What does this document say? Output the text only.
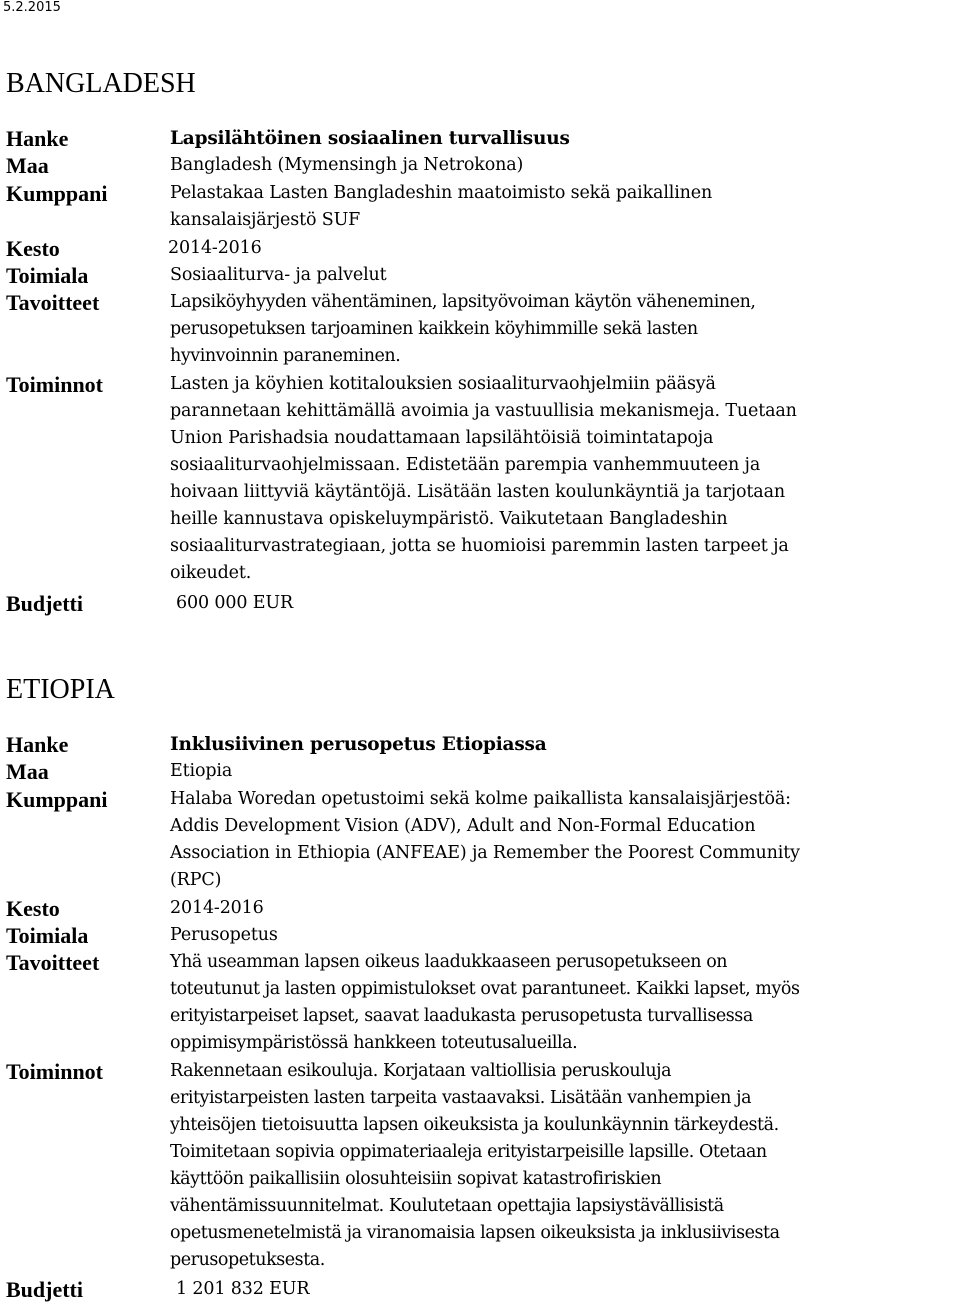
5.2.2015
BANGLADESH
Hanke	Lapsilähtöinen sosiaalinen turvallisuus
Maa	Bangladesh (Mymensingh ja Netrokona)
Kumppani	Pelastakaa Lasten Bangladeshin maatoimisto sekä paikallinen
kansalaisjärjestö SUF
Kesto	2014-2016
Toimiala	Sosiaaliturva- ja palvelut
Tavoitteet	Lapsiköyhyyden vähentäminen, lapsityövoiman käytön väheneminen,
perusopetuksen tarjoaminen kaikkein köyhimmille sekä lasten
hyvinvoinnin paraneminen.
Toiminnot	Lasten ja köyhien kotitalouksien sosiaaliturvaohjelmiin pääsyä
parannetaan kehittämällä avoimia ja vastuullisia mekanismeja. Tuetaan
Union Parishadsia noudattamaan lapsilähtöisiä toimintatapoja
sosiaaliturvaohjelmissaan. Edistetään parempia vanhemmuuteen ja
hoivaan liittyviä käytäntöjä. Lisätään lasten koulunkäyntiä ja tarjotaan
heille kannustava opiskeluympäristö. Vaikutetaan Bangladeshin
sosiaaliturvastrategiaan, jotta se huomioisi paremmin lasten tarpeet ja
oikeudet.
Budjetti	600 000 EUR
ETIOPIA
Hanke	Inklusiivinen perusopetus Etiopiassa
Maa	Etiopia
Kumppani	Halaba Woredan opetustoimi sekä kolme paikallista kansalaisjärjestöä:
Addis Development Vision (ADV), Adult and Non-Formal Education
Association in Ethiopia (ANFEAE) ja Remember the Poorest Community
(RPC)
Kesto	2014-2016
Toimiala	Perusopetus
Tavoitteet	Yhä useamman lapsen oikeus laadukkaaseen perusopetukseen on
toteutunut ja lasten oppimistulokset ovat parantuneet. Kaikki lapset, myös
erityistarpeiset lapset, saavat laadukasta perusopetusta turvallisessa
oppimisympäristössä hankkeen toteutusalueilla.
Toiminnot	Rakennetaan esikouluja. Korjataan valtiollisia peruskouluja
erityistarpeisten lasten tarpeita vastaavaksi. Lisätään vanhempien ja
yhteisöjen tietoisuutta lapsen oikeuksista ja koulunkäynnin tärkeydestä.
Toimitetaan sopivia oppimateriaaleja erityistarpeisille lapsille. Otetaan
käyttöön paikallisiin olosuhteisiin sopivat katastrofiriskien
vähentämissuunnitelmat. Koulutetaan opettajia lapsiystävällisistä
opetusmenetelmistä ja viranomaisia lapsen oikeuksista ja inklusiivisesta
perusopetuksesta.
Budjetti	1 201 832 EUR
